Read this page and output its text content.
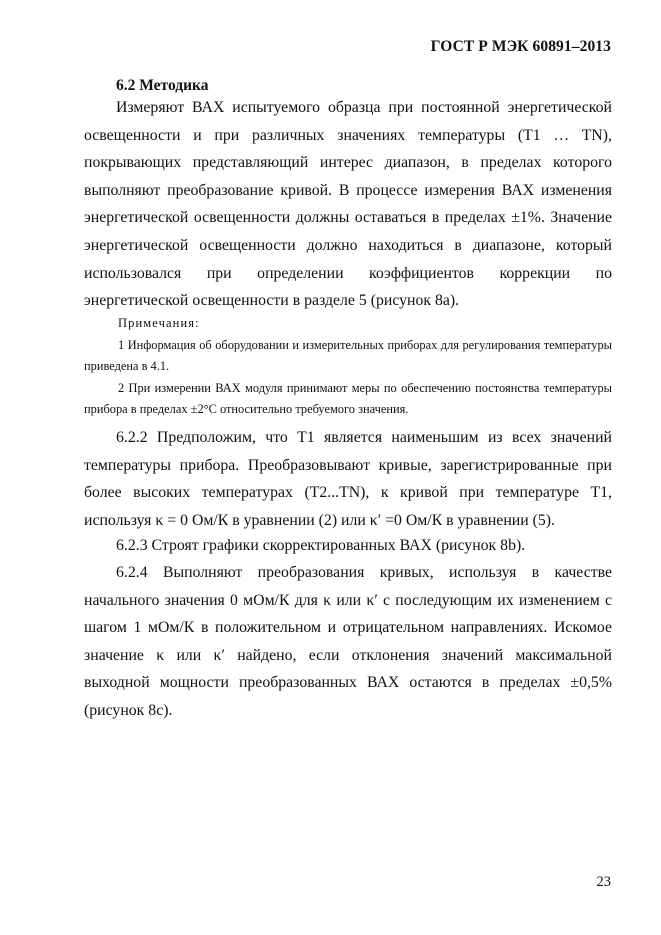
ГОСТ Р МЭК 60891–2013
6.2 Методика

Измеряют ВАХ испытуемого образца при постоянной энергетической освещенности и при различных значениях температуры (T1 … TN), покрывающих представляющий интерес диапазон, в пределах которого выполняют преобразование кривой. В процессе измерения ВАХ изменения энергетической освещенности должны оставаться в пределах ±1%. Значение энергетической освещенности должно находиться в диапазоне, который использовался при определении коэффициентов коррекции по энергетической освещенности в разделе 5 (рисунок 8a).

Примечания:
1 Информация об оборудовании и измерительных приборах для регулирования температуры приведена в 4.1.
2 При измерении ВАХ модуля принимают меры по обеспечению постоянства температуры прибора в пределах ±2°С относительно требуемого значения.

6.2.2 Предположим, что T1 является наименьшим из всех значений температуры прибора. Преобразовывают кривые, зарегистрированные при более высоких температурах (T2...TN), к кривой при температуре T1, используя κ = 0 Ом/К в уравнении (2) или κ′ =0 Ом/К в уравнении (5).

6.2.3 Строят графики скорректированных ВАХ (рисунок 8b).

6.2.4 Выполняют преобразования кривых, используя в качестве начального значения 0 мОм/К для κ или κ′ с последующим их изменением с шагом 1 мОм/К в положительном и отрицательном направлениях. Искомое значение κ или κ′ найдено, если отклонения значений максимальной выходной мощности преобразованных ВАХ остаются в пределах ±0,5% (рисунок 8c).

23
